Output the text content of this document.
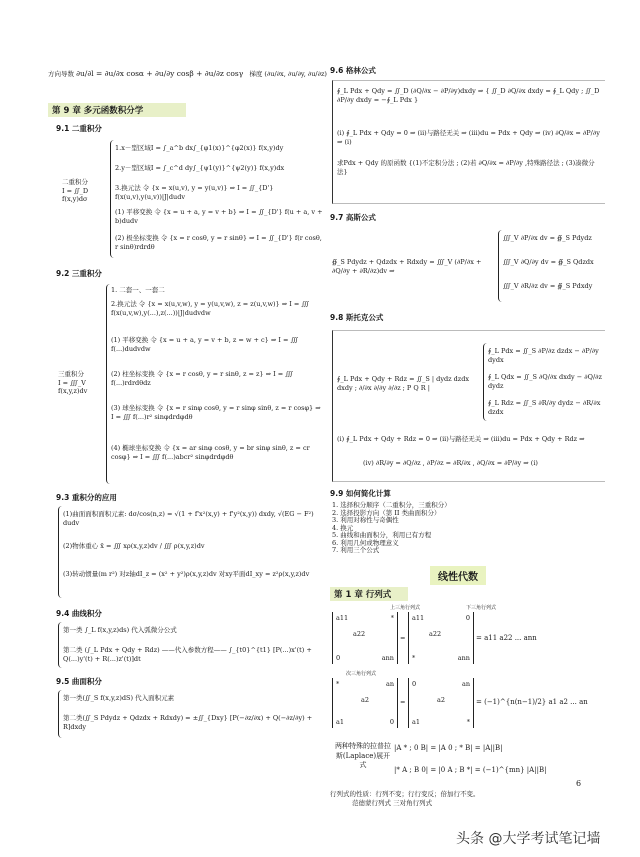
方向导数 ∂u/∂l = ∂u/∂x cosα + ∂u/∂y cosβ + ∂u/∂z cosγ 梯度 (∂u/∂x, ∂u/∂y, ∂u/∂z)
第 9 章 多元函数积分学
9.1 二重积分
二重积分
I = ∬_D f(x,y)dσ
1.x－型区域I = ∫_a^b dx∫_{φ1(x)}^{φ2(x)} f(x,y)dy
2.y－型区域I = ∫_c^d dy∫_{ψ1(y)}^{ψ2(y)} f(x,y)dx
3.换元法 令 {x = x(u,v), y = y(u,v)} ⇒ I = ∬_{D'} f(x(u,v),y(u,v))|J|dudv
(1) 平移变换 令 {x = u + a, y = v + b} ⇒ I = ∬_{D'} f(u + a, v + b)dudv
(2) 极坐标变换 令 {x = r cosθ, y = r sinθ} ⇒ I = ∬_{D'} f(r cosθ, r sinθ)rdrdθ
9.2 三重积分
三重积分
I = ∭_V f(x,y,z)dv
1. 二套一、一套二
2.换元法 令 {x = x(u,v,w), y = y(u,v,w), z = z(u,v,w)} ⇒ I = ∭ f(x(u,v,w),y(...),z(...))|J|dudvdw
(1) 平移变换 令 {x = u + a, y = v + b, z = w + c} ⇒ I = ∭ f(...)dudvdw
(2) 柱坐标变换 令 {x = r cosθ, y = r sinθ, z = z} ⇒ I = ∭ f(...)rdrdθdz
(3) 球坐标变换 令 {x = r sinφ cosθ, y = r sinφ sinθ, z = r cosφ} ⇒ I = ∭ f(...)r² sinφdrdφdθ
(4) 椭球坐标变换 令 {x = ar sinφ cosθ, y = br sinφ sinθ, z = cr cosφ} ⇒ I = ∭ f(...)abcr² sinφdrdφdθ
9.3 重积分的应用
(1)曲面面积面积元素: dσ/cos(n,z) = √(1 + f'x²(x,y) + f'y²(x,y)) dxdy, √(EG − F²) dudv
(2)物体重心 x̄ = ∭ xρ(x,y,z)dv / ∭ ρ(x,y,z)dv
(3)转动惯量(m r²) 对z轴dI_z = (x² + y²)ρ(x,y,z)dv 对xy平面dI_xy = z²ρ(x,y,z)dv
9.4 曲线积分
第一类 ∫_L f(x,y,z)ds) 代入弧微分公式
第二类 (∫_L Pdx + Qdy + Rdz) ——代入参数方程—— ∫_{t0}^{t1} [P(...)x'(t) + Q(...)y'(t) + R(...)z'(t)]dt
9.5 曲面积分
第一类(∬_S f(x,y,z)dS) 代入面积元素
第二类(∬_S Pdydz + Qdzdx + Rdxdy) = ±∬_{Dxy} [P(−∂z/∂x) + Q(−∂z/∂y) + R]dxdy
9.6 格林公式
∮_L Pdx + Qdy = ∬_D (∂Q/∂x − ∂P/∂y)dxdy ⇒ { ∬_D ∂Q/∂x dxdy = ∮_L Qdy ; ∬_D ∂P/∂y dxdy = −∮_L Pdx }
(i) ∮_L Pdx + Qdy = 0 ⇒ (ii)与路径无关 ⇒ (iii)du = Pdx + Qdy ⇒ (iv) ∂Q/∂x = ∂P/∂y ⇒ (i)
求Pdx + Qdy 的原函数 {(1)不定积分法 ; (2)若 ∂Q/∂x = ∂P/∂y ,特殊路径法 ; (3)凑微分法}
9.7 高斯公式
∯_S Pdydz + Qdzdx + Rdxdy = ∭_V (∂P/∂x + ∂Q/∂y + ∂R/∂z)dv ⇒
∭_V ∂P/∂x dv = ∯_S Pdydz
∭_V ∂Q/∂y dv = ∯_S Qdzdx
∭_V ∂R/∂z dv = ∯_S Pdxdy
9.8 斯托克公式
∮_L Pdx + Qdy + Rdz = ∬_S | dydz dzdx dxdy ; ∂/∂x ∂/∂y ∂/∂z ; P Q R |
∮_L Pdx = ∬_S ∂P/∂z dzdx − ∂P/∂y dydx
∮_L Qdx = ∬_S ∂Q/∂x dxdy − ∂Q/∂z dydz
∮_L Rdz = ∬_S ∂R/∂y dydz − ∂R/∂x dzdx
(i) ∮_L Pdx + Qdy + Rdz = 0 ⇒ (ii)与路径无关 ⇒ (iii)du = Pdx + Qdy + Rdz ⇒
(iv) ∂R/∂y = ∂Q/∂z , ∂P/∂z = ∂R/∂x , ∂Q/∂x = ∂P/∂y ⇒ (i)
9.9 如何简化计算
1. 选择积分顺序（二重积分，三重积分）
2. 选择投影方向（第 II 类曲面积分）
3. 利用对称性与奇偶性
4. 换元
5. 曲线和曲面积分，利用已有方程
6. 利用几何或物理意义
7. 利用三个公式
线性代数
第 1 章 行列式
上三角行列式	下三角行列式
a11	*
a22
0	ann
=
a11	0
a22
*	ann
= a11 a22 ... ann
次三角行列式
*	an
a2
a1	0
=
0	an
a2
a1	*
= (−1)^{n(n−1)/2} a1 a2 ... an
两种特殊的拉普拉斯(Laplace)展开式
|A * ; 0 B| = |A 0 ; * B| = |A||B|
|* A ; B 0| = |0 A ; B *| = (−1)^{mn} |A||B|
行列式的性质：行列不变；行行变反；倍加行不变。
范德蒙行列式 三对角行列式
6
头条 @大学考试笔记墙
